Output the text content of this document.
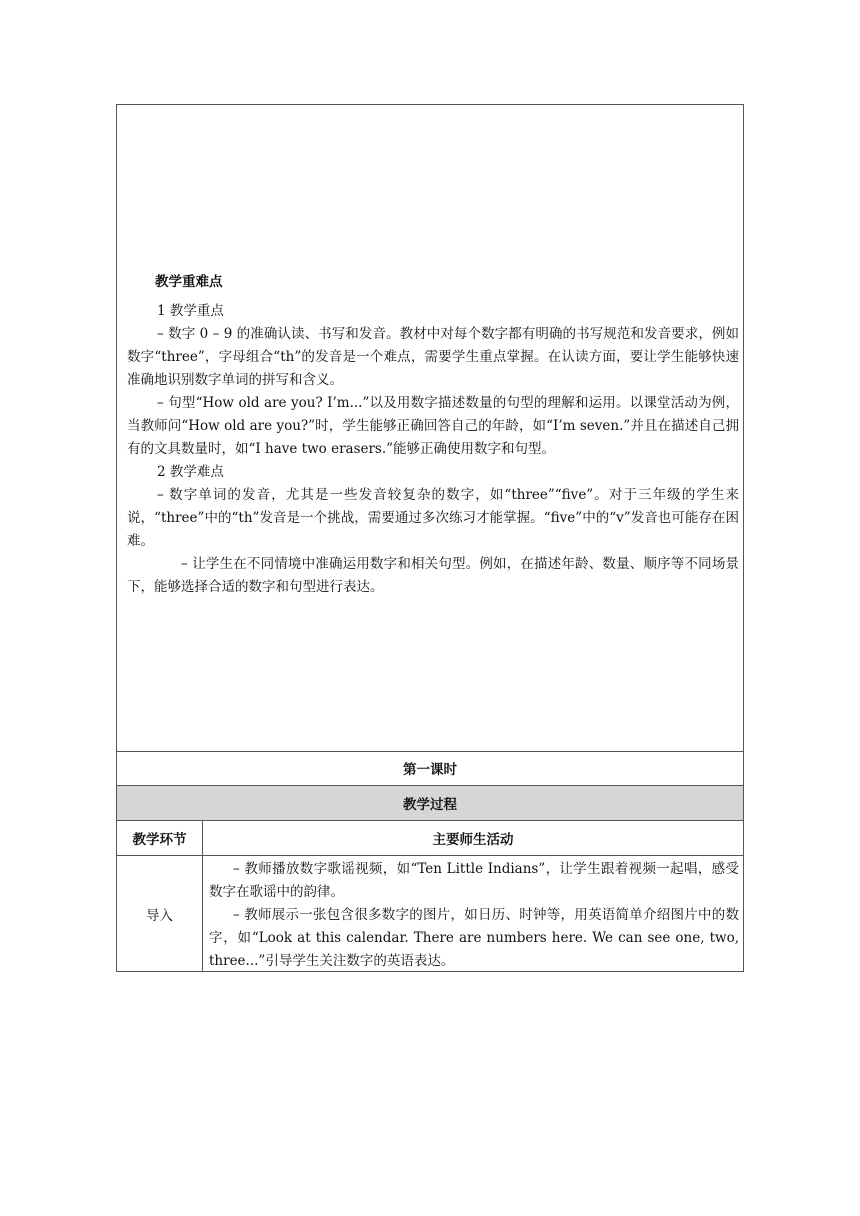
教学重难点

1 教学重点

– 数字 0 – 9 的准确认读、书写和发音。教材中对每个数字都有明确的书写规范和发音要求，例如数字“three”，字母组合“th”的发音是一个难点，需要学生重点掌握。在认读方面，要让学生能够快速准确地识别数字单词的拼写和含义。

– 句型“How old are you? I’m...”以及用数字描述数量的句型的理解和运用。以课堂活动为例，当教师问“How old are you?”时，学生能够正确回答自己的年龄，如“I’m seven.”并且在描述自己拥有的文具数量时，如“I have two erasers.”能够正确使用数字和句型。

2 教学难点

– 数字单词的发音，尤其是一些发音较复杂的数字，如“three”“five”。对于三年级的学生来说，“three”中的“th”发音是一个挑战，需要通过多次练习才能掌握。“five”中的“v”发音也可能存在困难。

– 让学生在不同情境中准确运用数字和相关句型。例如，在描述年龄、数量、顺序等不同场景下，能够选择合适的数字和句型进行表达。

第一课时
教学过程
教学环节	主要师生活动
导入

– 教师播放数字歌谣视频，如“Ten Little Indians”，让学生跟着视频一起唱，感受数字在歌谣中的韵律。

– 教师展示一张包含很多数字的图片，如日历、时钟等，用英语简单介绍图片中的数字，如“Look at this calendar. There are numbers here. We can see one, two, three...”引导学生关注数字的英语表达。
